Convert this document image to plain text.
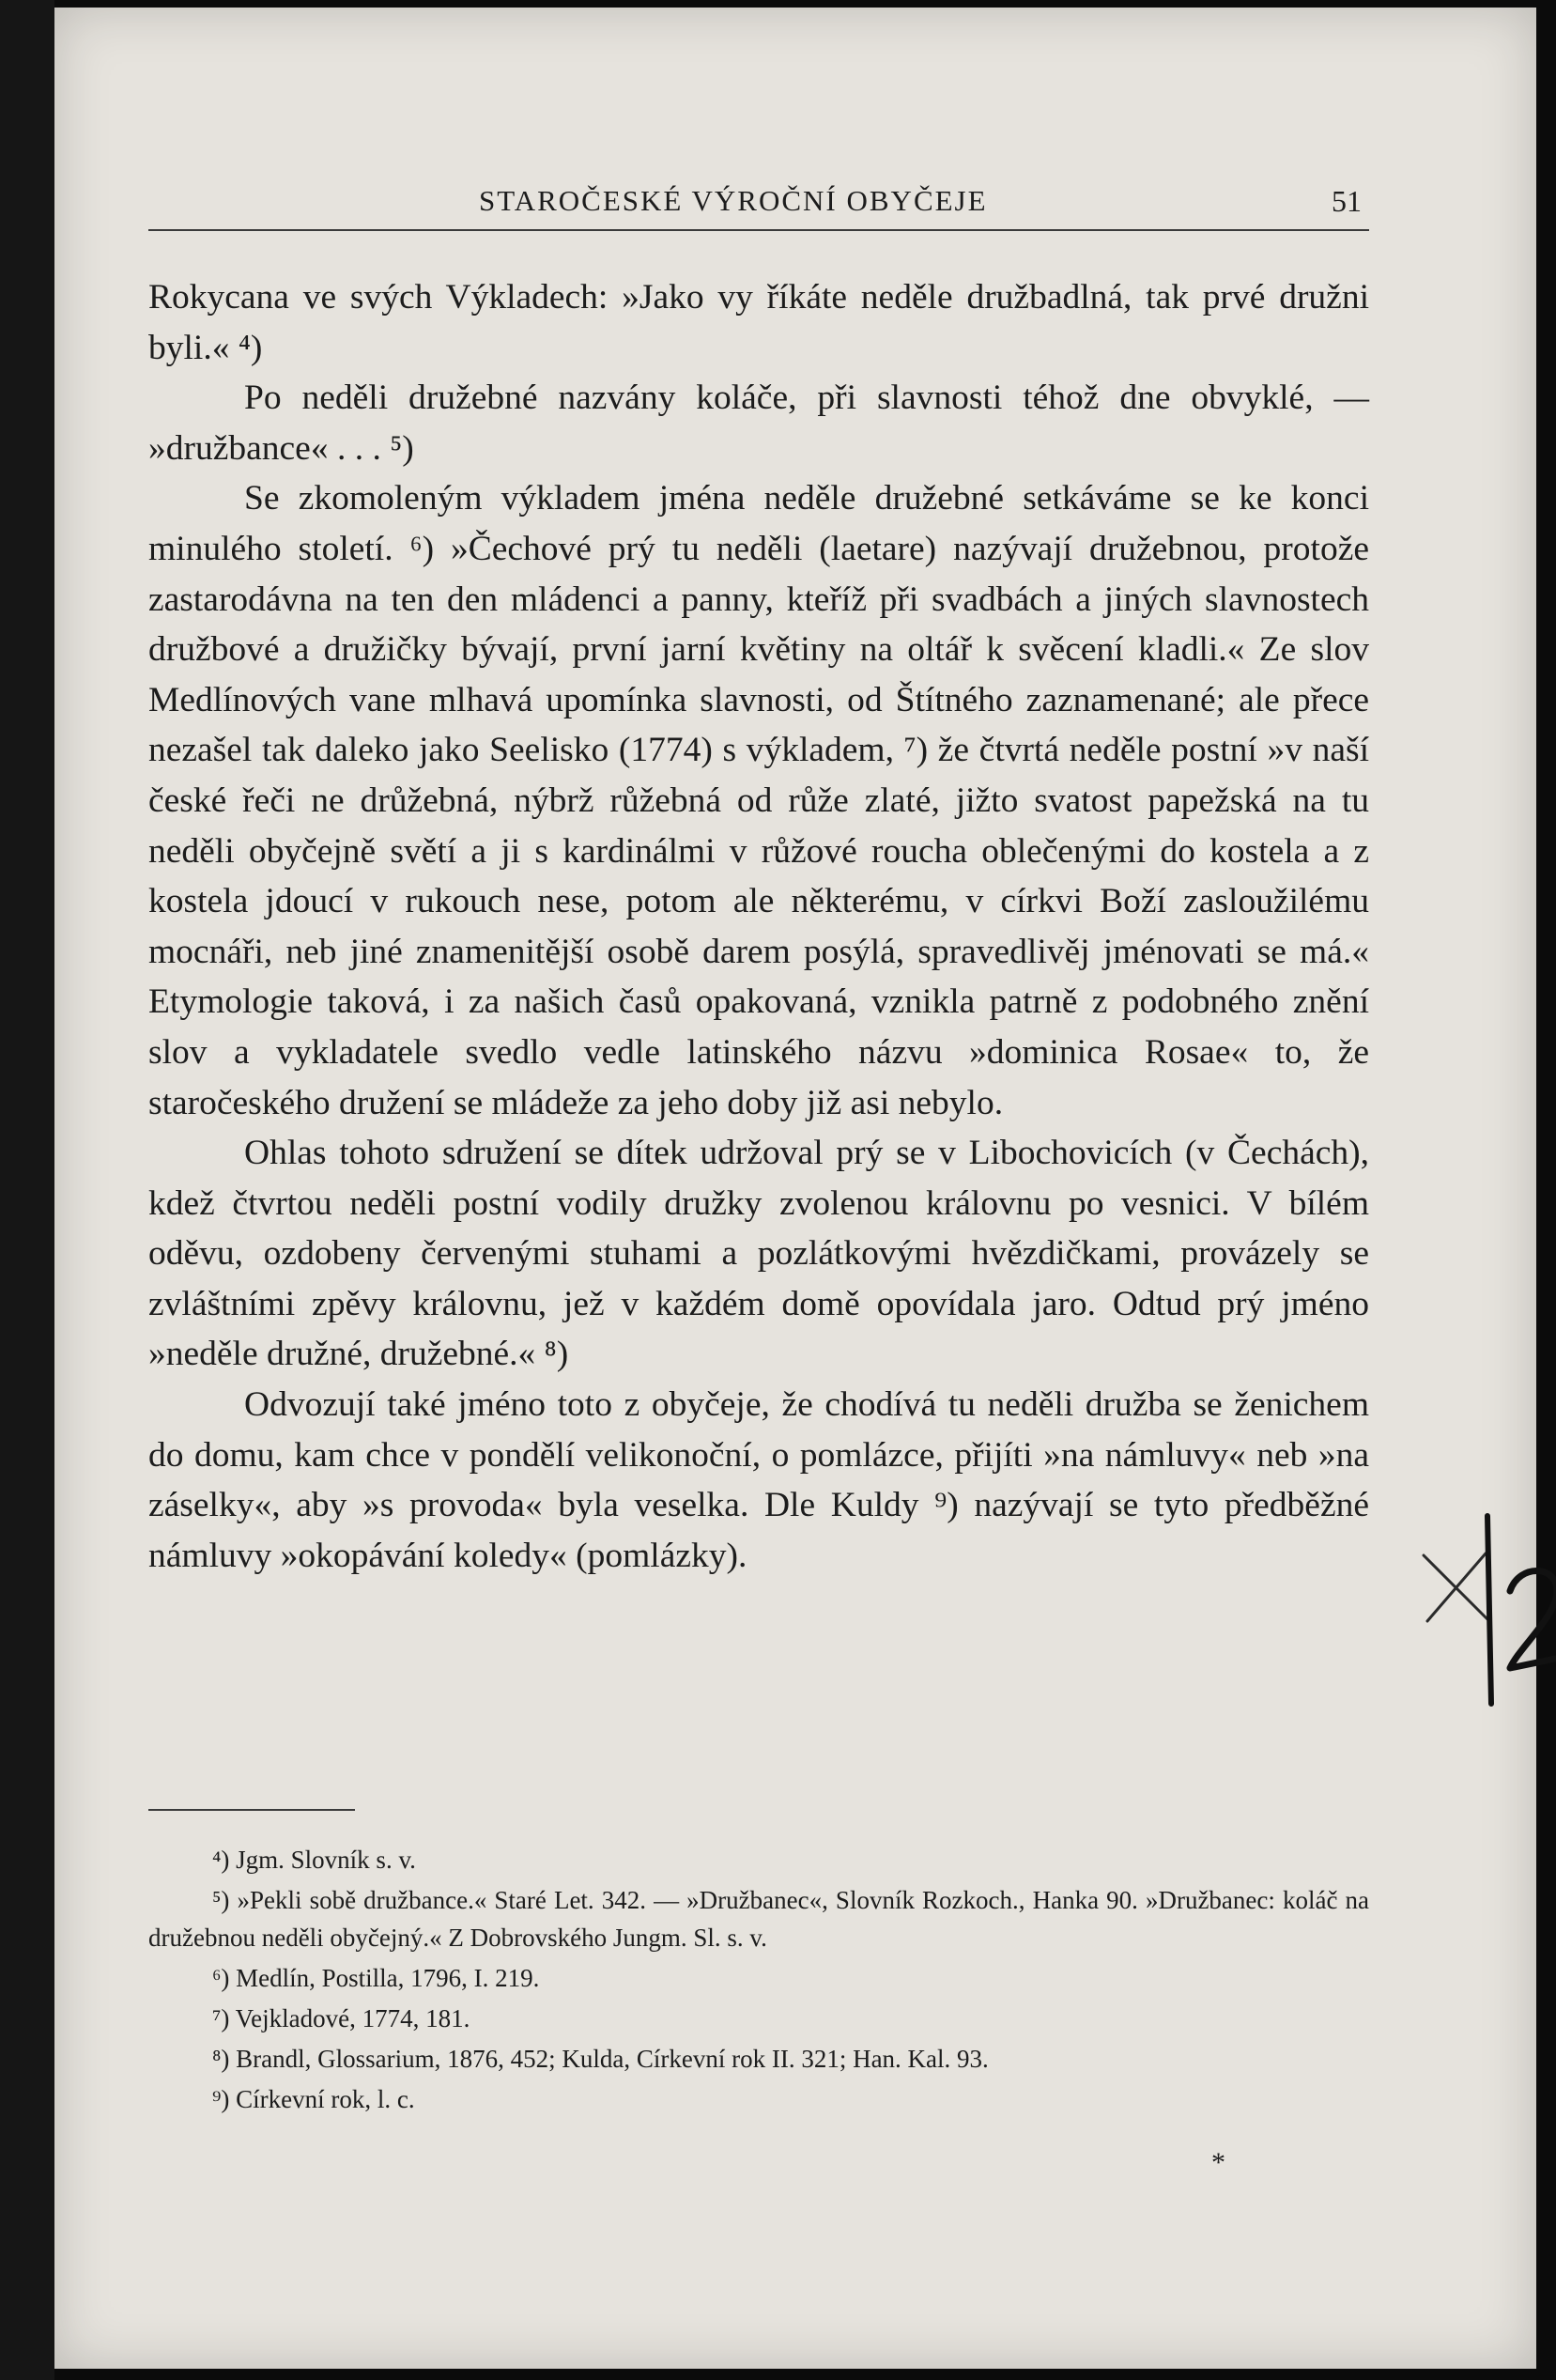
STAROČESKÉ VÝROČNÍ OBYČEJE	51

Rokycana ve svých Výkladech: »Jako vy říkáte neděle družbadlná, tak prvé družni byli.« ⁴)

Po neděli družebné nazvány koláče, při slavnosti téhož dne obvyklé, — »družbance« . . . ⁵)

Se zkomoleným výkladem jména neděle družebné setkáváme se ke konci minulého století. ⁶) »Čechové prý tu neděli (laetare) nazývají družebnou, protože zastarodávna na ten den mládenci a panny, kteříž při svadbách a jiných slavnostech družbové a družičky bývají, první jarní květiny na oltář k svěcení kladli.« Ze slov Medlínových vane mlhavá upomínka slavnosti, od Štítného zaznamenané; ale přece nezašel tak daleko jako Seelisko (1774) s výkladem, ⁷) že čtvrtá neděle postní »v naší české řeči ne drůžebná, nýbrž růžebná od růže zlaté, jižto svatost papežská na tu neděli obyčejně světí a ji s kardinálmi v růžové roucha oblečenými do kostela a z kostela jdoucí v rukouch nese, potom ale některému, v církvi Boží zasloužilému mocnáři, neb jiné znamenitější osobě darem posýlá, spravedlivěj jménovati se má.« Etymologie taková, i za našich časů opakovaná, vznikla patrně z podobného znění slov a vykladatele svedlo vedle latinského názvu »dominica Rosae« to, že staročeského družení se mládeže za jeho doby již asi nebylo.

Ohlas tohoto sdružení se dítek udržoval prý se v Libochovicích (v Čechách), kdež čtvrtou neděli postní vodily družky zvolenou královnu po vesnici. V bílém oděvu, ozdobeny červenými stuhami a pozlátkovými hvězdičkami, provázely se zvláštními zpěvy královnu, jež v každém domě opovídala jaro. Odtud prý jméno »neděle družné, družebné.« ⁸)

Odvozují také jméno toto z obyčeje, že chodívá tu neděli družba se ženichem do domu, kam chce v pondělí velikonoční, o pomlázce, přijíti »na námluvy« neb »na záselky«, aby »s provoda« byla veselka. Dle Kuldy ⁹) nazývají se tyto předběžné námluvy »okopávání koledy« (pomlázky).

⁴) Jgm. Slovník s. v.
⁵) »Pekli sobě družbance.« Staré Let. 342. — »Družbanec«, Slovník Rozkoch., Hanka 90. »Družbanec: koláč na družebnou neděli obyčejný.« Z Dobrovského Jungm. Sl. s. v.
⁶) Medlín, Postilla, 1796, I. 219.
⁷) Vejkladové, 1774, 181.
⁸) Brandl, Glossarium, 1876, 452; Kulda, Církevní rok II. 321; Han. Kal. 93.
⁹) Církevní rok, l. c.
*
